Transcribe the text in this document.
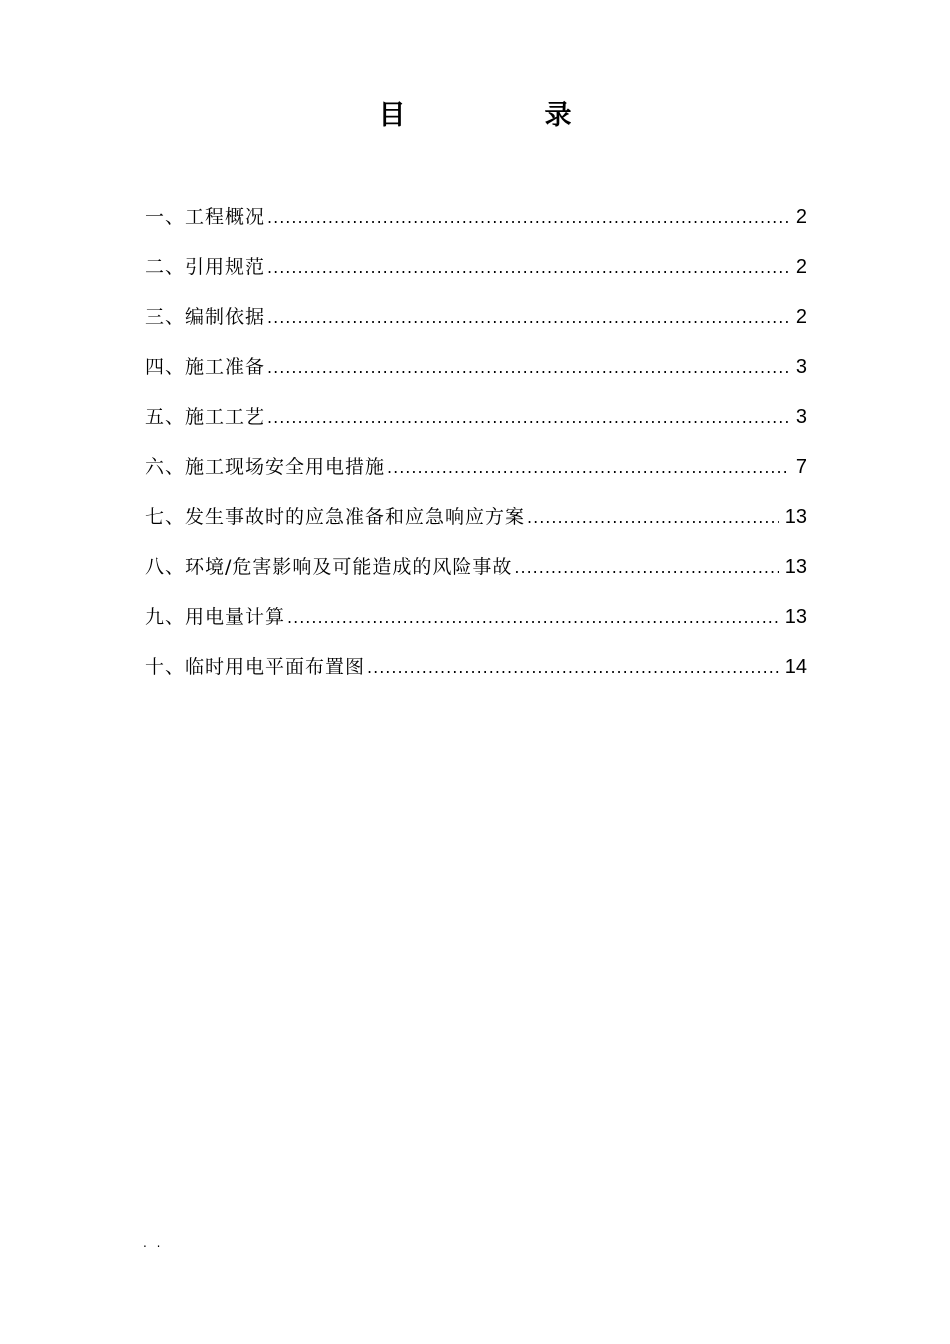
目　录
一、工程概况 .....	2
二、引用规范 .....	2
三、编制依据 .....	2
四、施工准备 .....	3
五、施工工艺 .....	3
六、施工现场安全用电措施 .....	7
七、发生事故时的应急准备和应急响应方案 .....	13
八、环境/危害影响及可能造成的风险事故 .....	13
九、用电量计算 .....	13
十、临时用电平面布置图 .....	14
. .
